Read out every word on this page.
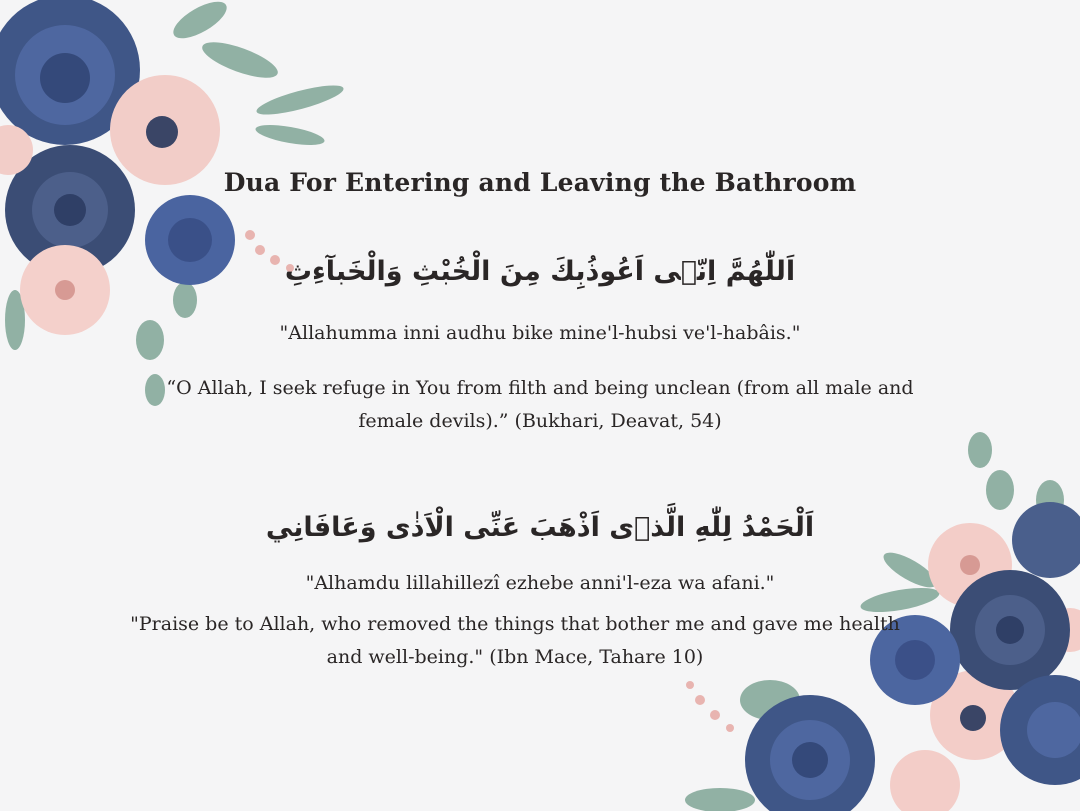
Dua For Entering and Leaving the Bathroom
اَللّٰهُمَّ اِنّٖى اَعُوذُبِكَ مِنَ الْخُبْثِ وَالْخَبآءِثِ
"Allahumma inni audhu bike mine'l-hubsi ve'l-habâis."
“O Allah, I seek refuge in You from filth and being unclean (from all male and female devils).” (Bukhari, Deavat, 54)
اَلْحَمْدُ لِلّٰهِ الَّذ۪ى اَذْهَبَ عَنِّى الْاَذٰى وَعَافَانِي
"Alhamdu lillahillezî ezhebe anni'l-eza wa afani."
"Praise be to Allah, who removed the things that bother me and gave me health and well-being." (Ibn Mace, Tahare 10)
